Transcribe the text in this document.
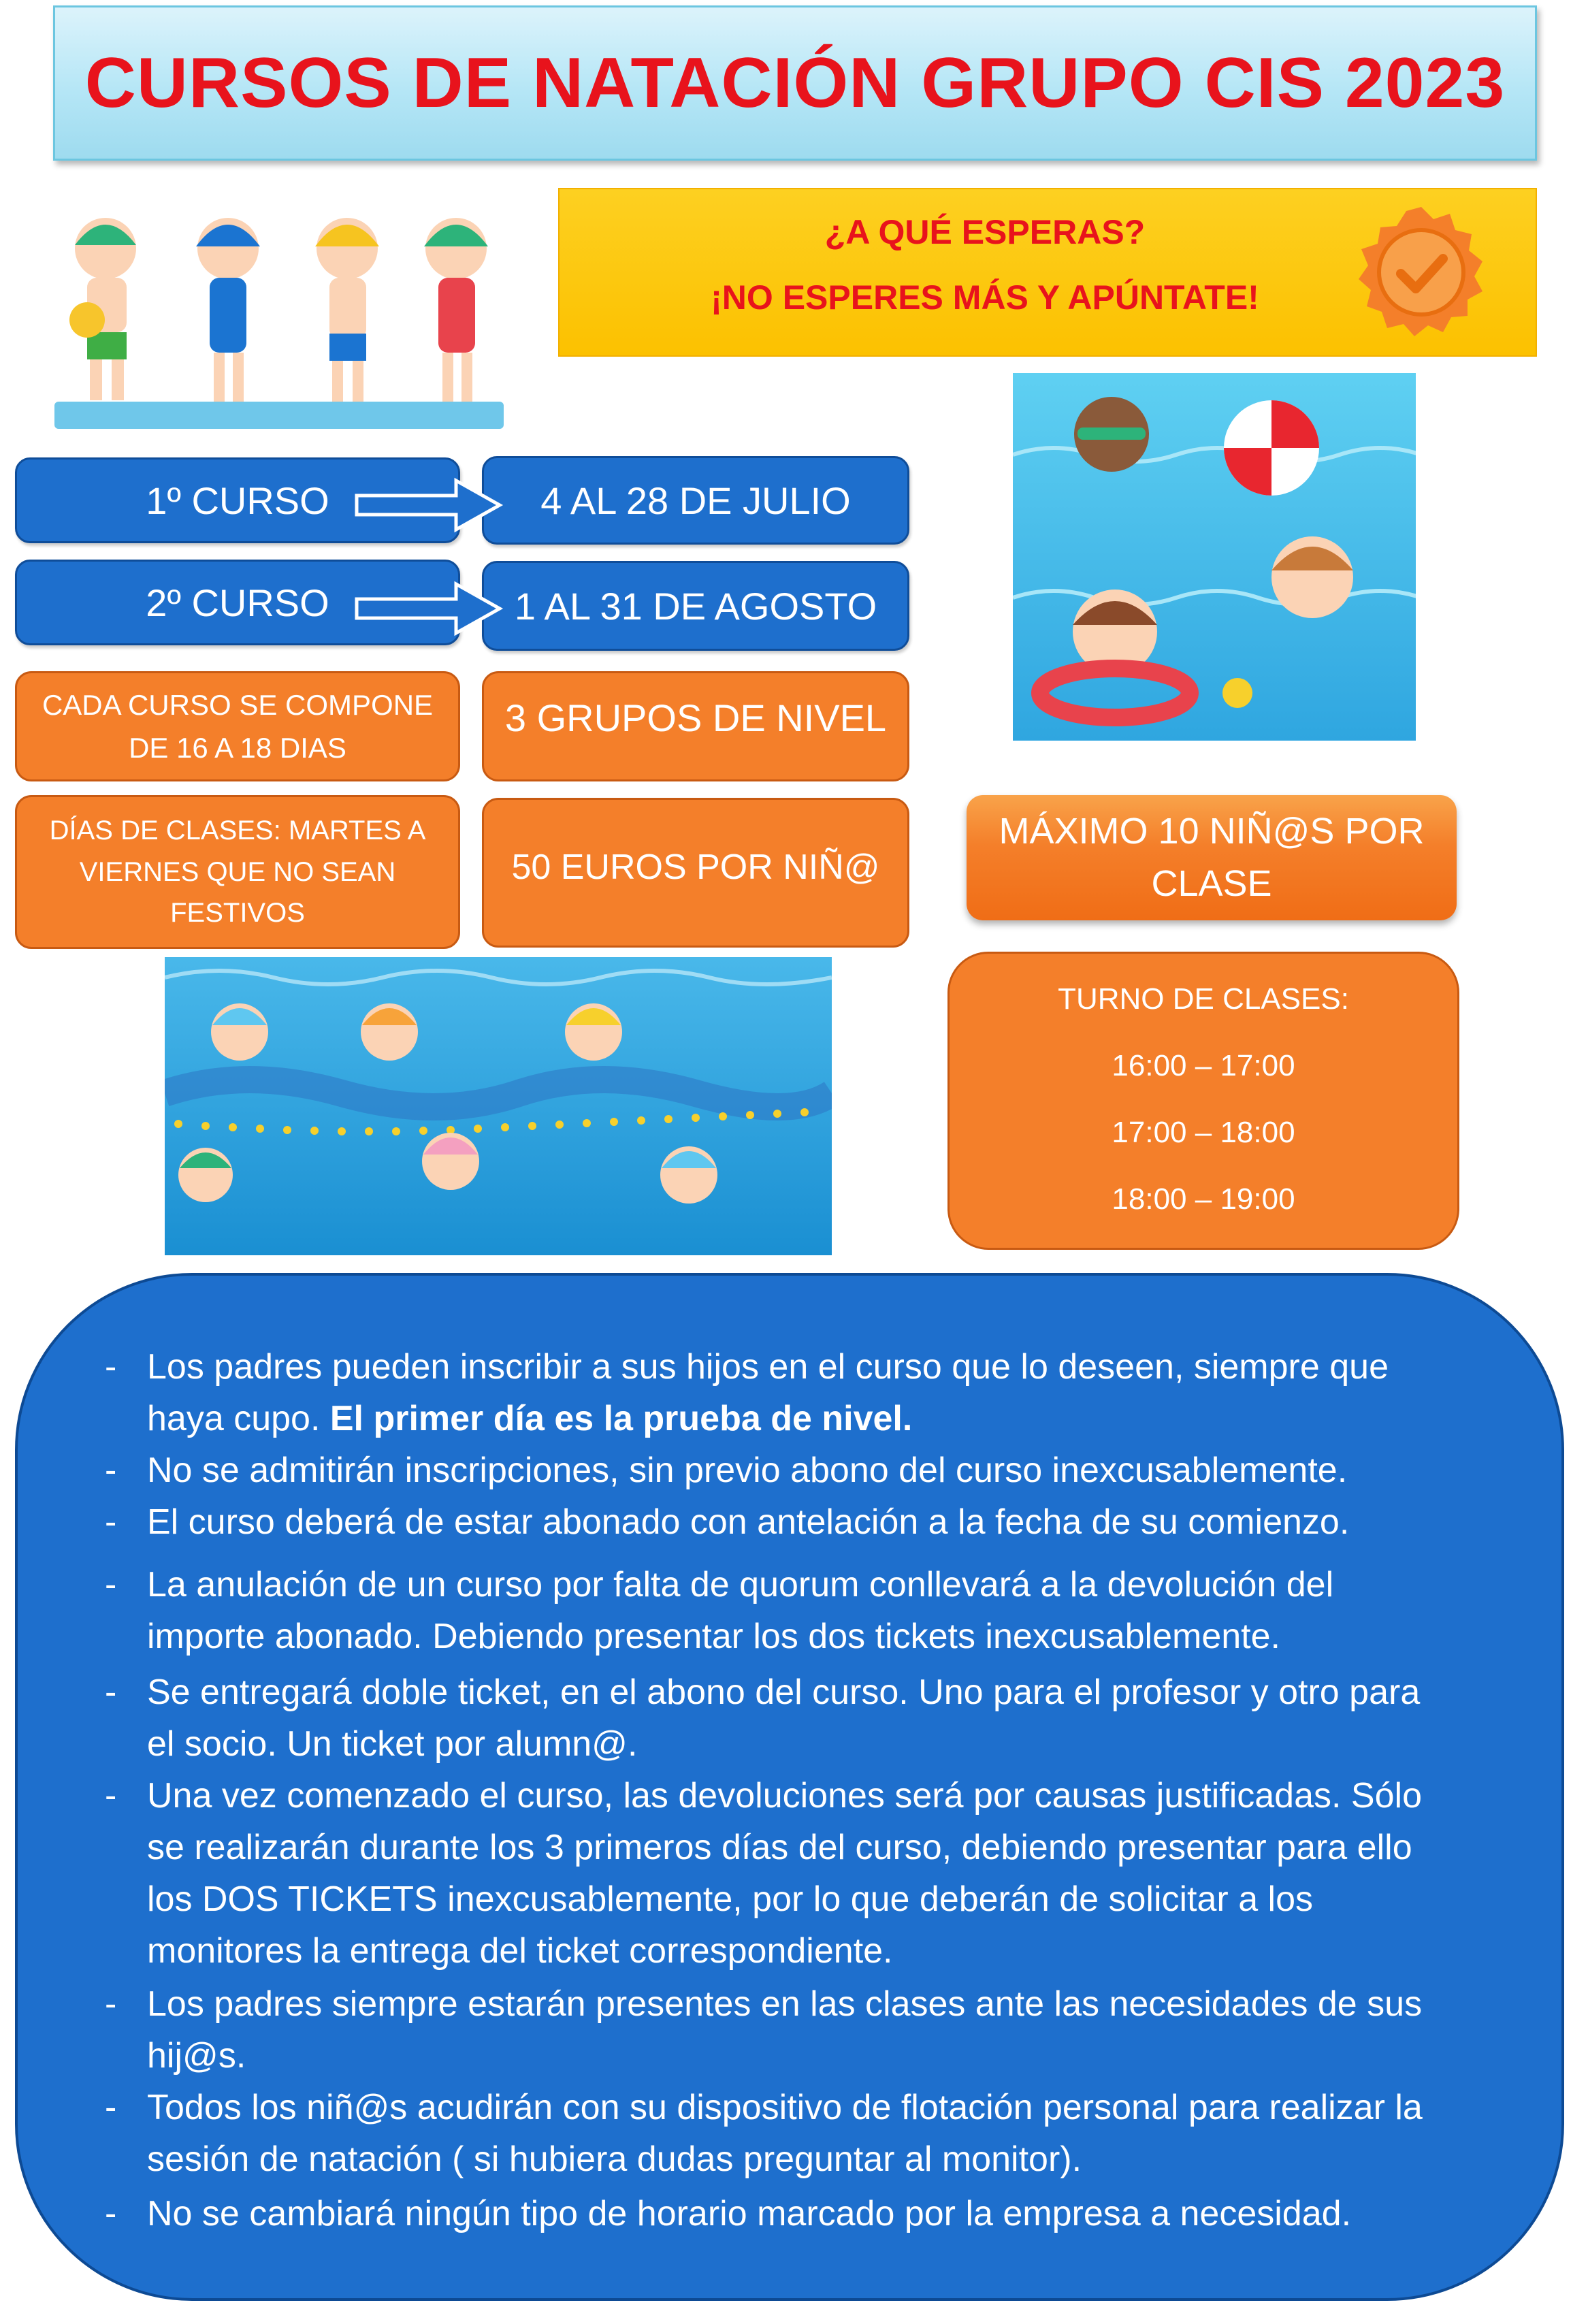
CURSOS DE NATACIÓN GRUPO CIS 2023
¿A QUÉ ESPERAS?
¡NO ESPERES MÁS Y APÚNTATE!
1º CURSO	4 AL 28 DE JULIO
2º CURSO	1 AL 31 DE AGOSTO
CADA CURSO SE COMPONE
DE 16 A 18 DIAS
3 GRUPOS DE NIVEL
DÍAS DE CLASES: MARTES A
VIERNES QUE NO SEAN
FESTIVOS
50 EUROS POR NIÑ@
MÁXIMO 10 NIÑ@S POR
CLASE
TURNO DE CLASES:
16:00 – 17:00
17:00 – 18:00
18:00 – 19:00
- Los padres pueden inscribir a sus hijos en el curso que lo deseen, siempre que
haya cupo. El primer día es la prueba de nivel.
- No se admitirán inscripciones, sin previo abono del curso inexcusablemente.
- El curso deberá de estar abonado con antelación a la fecha de su comienzo.
- La anulación de un curso por falta de quorum conllevará a la devolución del
importe abonado. Debiendo presentar los dos tickets inexcusablemente.
- Se entregará doble ticket, en el abono del curso. Uno para el profesor y otro para
el socio. Un ticket por alumn@.
- Una vez comenzado el curso, las devoluciones será por causas justificadas. Sólo
se realizarán durante los 3 primeros días del curso, debiendo presentar para ello
los DOS TICKETS inexcusablemente, por lo que deberán de solicitar a los
monitores la entrega del ticket correspondiente.
- Los padres siempre estarán presentes en las clases ante las necesidades de sus
hij@s.
- Todos los niñ@s acudirán con su dispositivo de flotación personal para realizar la
sesión de natación ( si hubiera dudas preguntar al monitor).
- No se cambiará ningún tipo de horario marcado por la empresa a necesidad.
